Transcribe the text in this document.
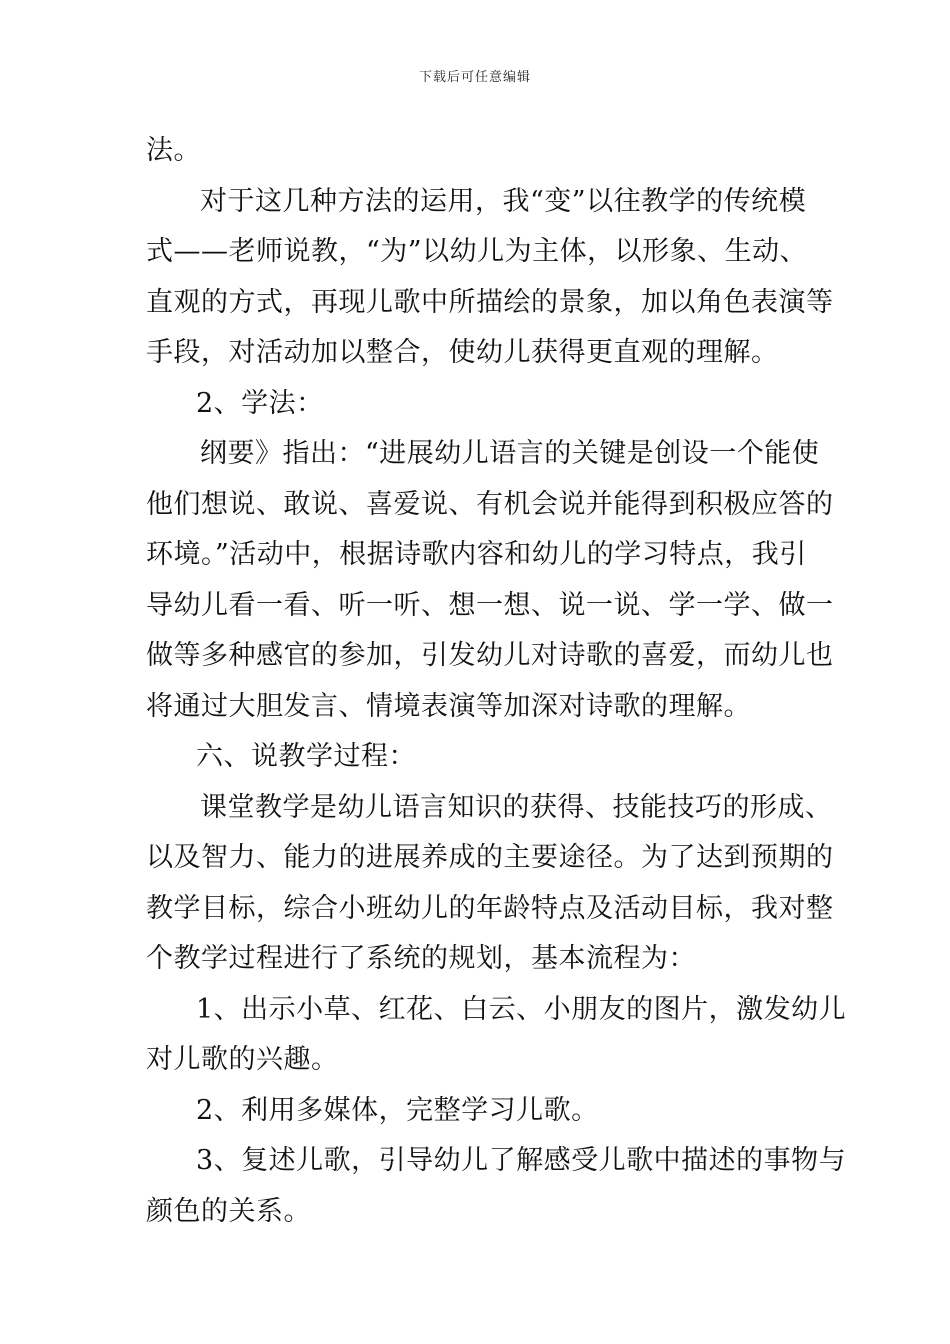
下载后可任意编辑
法。
对于这几种方法的运用，我“变”以往教学的传统模
式——老师说教，“为”以幼儿为主体，以形象、生动、
直观的方式，再现儿歌中所描绘的景象，加以角色表演等
手段，对活动加以整合，使幼儿获得更直观的理解。
2、学法：
纲要》指出：“进展幼儿语言的关键是创设一个能使
他们想说、敢说、喜爱说、有机会说并能得到积极应答的
环境。”活动中，根据诗歌内容和幼儿的学习特点，我引
导幼儿看一看、听一听、想一想、说一说、学一学、做一
做等多种感官的参加，引发幼儿对诗歌的喜爱，而幼儿也
将通过大胆发言、情境表演等加深对诗歌的理解。
六、说教学过程：
课堂教学是幼儿语言知识的获得、技能技巧的形成、
以及智力、能力的进展养成的主要途径。为了达到预期的
教学目标，综合小班幼儿的年龄特点及活动目标，我对整
个教学过程进行了系统的规划，基本流程为：
1、出示小草、红花、白云、小朋友的图片，激发幼儿
对儿歌的兴趣。
2、利用多媒体，完整学习儿歌。
3、复述儿歌，引导幼儿了解感受儿歌中描述的事物与
颜色的关系。
